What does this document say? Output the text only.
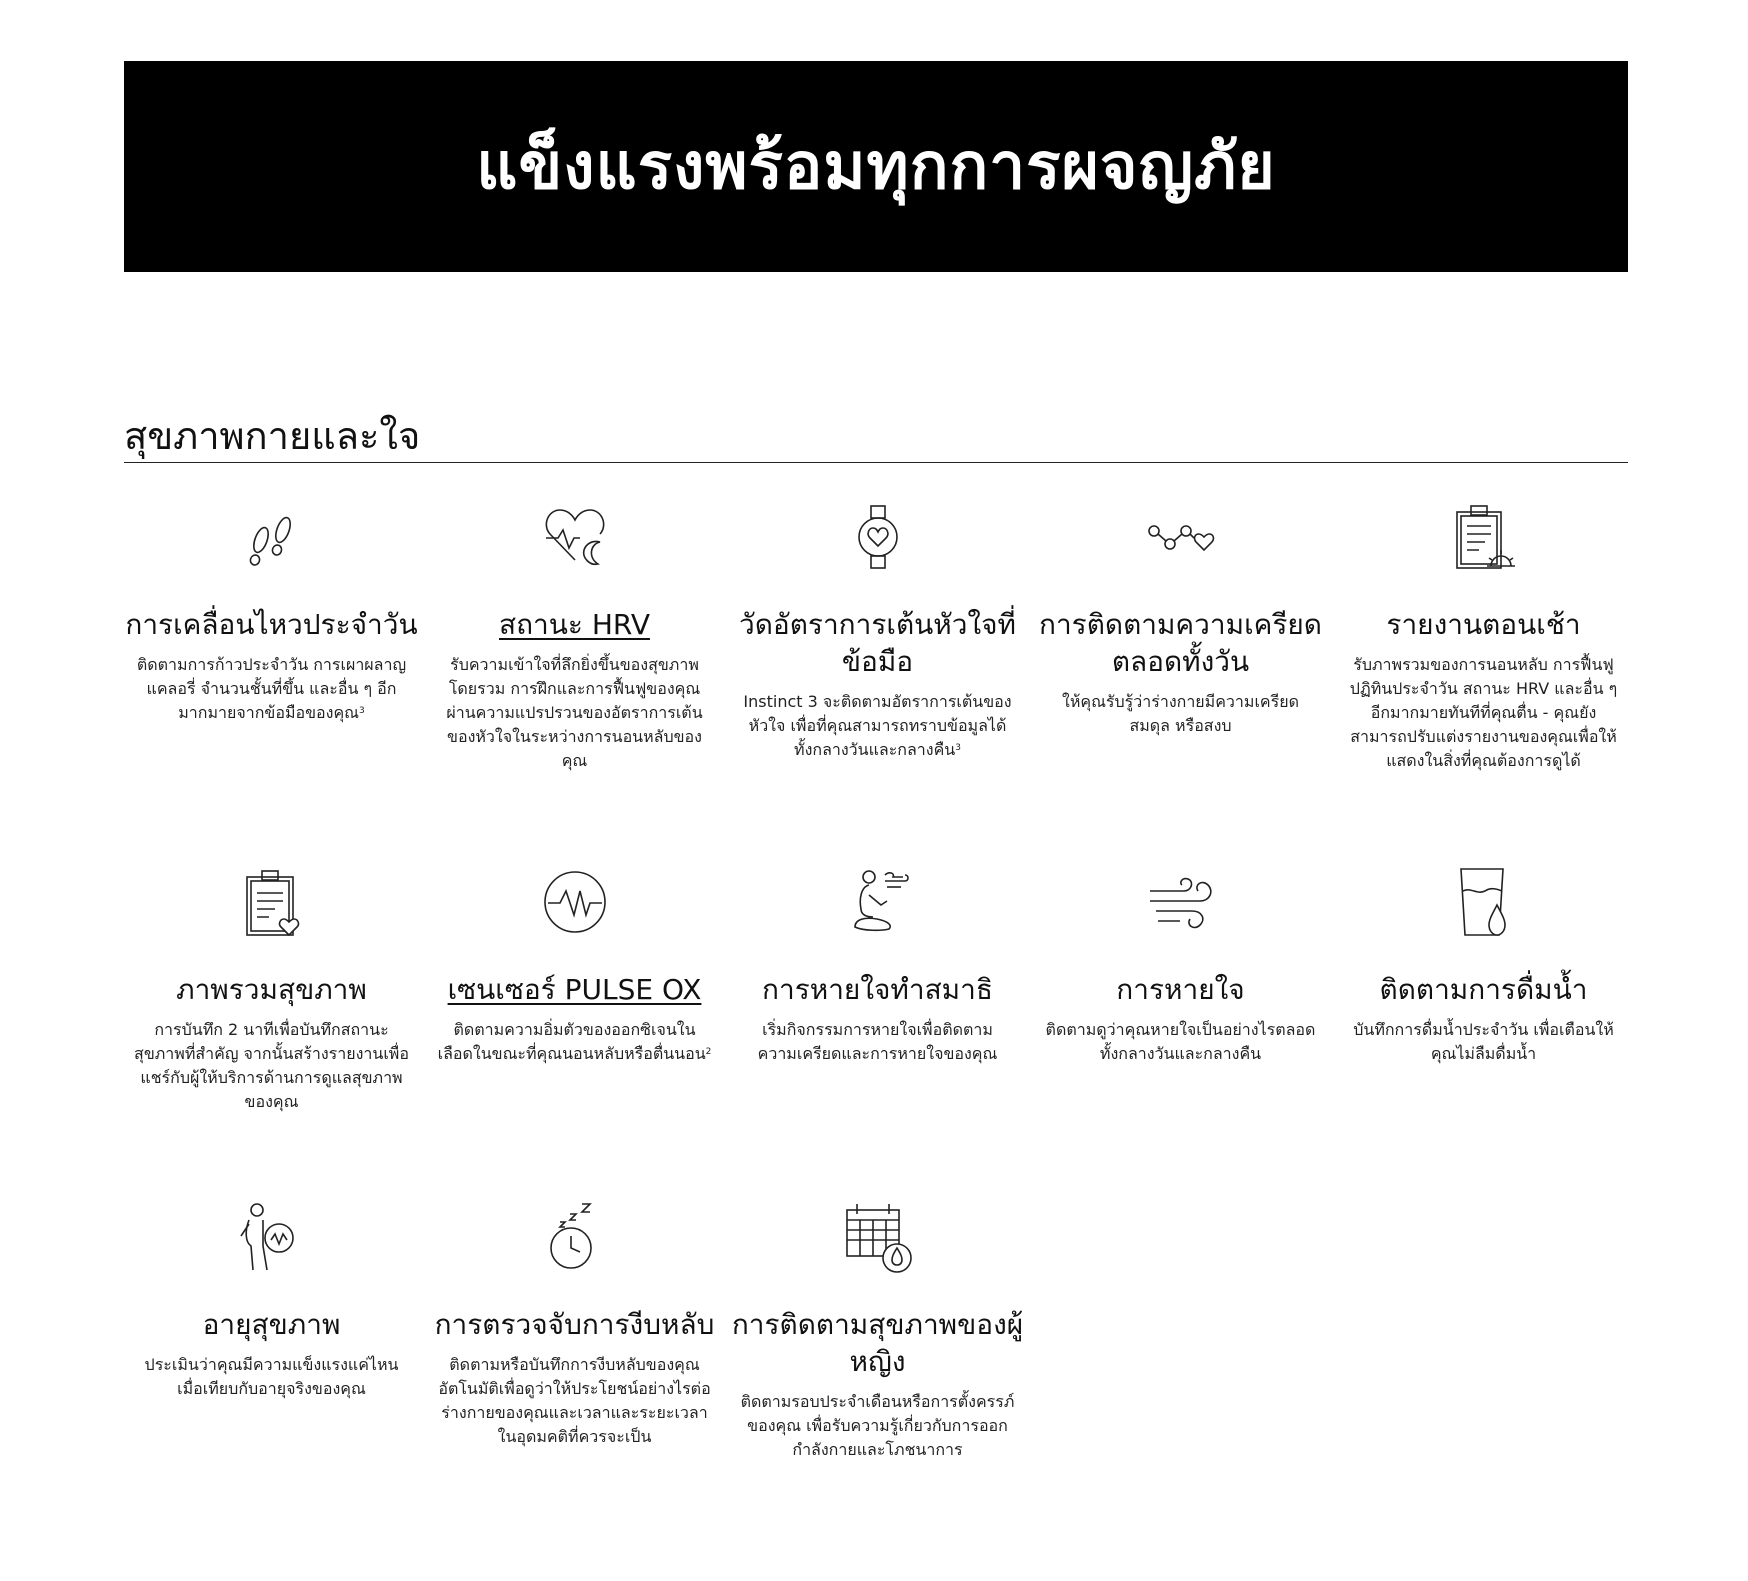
แข็งแรงพร้อมทุกการผจญภัย
สุขภาพกายและใจ
การเคลื่อนไหวประจำวัน

ติดตามการก้าวประจำวัน การเผาผลาญแคลอรี่ จำนวนชั้นที่ขึ้น และอื่น ๆ อีกมากมายจากข้อมือของคุณ$^3$

สถานะ HRV

รับความเข้าใจที่ลึกยิ่งขึ้นของสุขภาพโดยรวม การฝึกและการฟื้นฟูของคุณผ่านความแปรปรวนของอัตราการเต้นของหัวใจในระหว่างการนอนหลับของคุณ

วัดอัตราการเต้นหัวใจที่ข้อมือ

Instinct 3 จะติดตามอัตราการเต้นของหัวใจ เพื่อที่คุณสามารถทราบข้อมูลได้ทั้งกลางวันและกลางคืน$^3$

การติดตามความเครียดตลอดทั้งวัน

ให้คุณรับรู้ว่าร่างกายมีความเครียด สมดุล หรือสงบ

รายงานตอนเช้า

รับภาพรวมของการนอนหลับ การฟื้นฟู ปฏิทินประจำวัน สถานะ HRV และอื่น ๆ อีกมากมายทันทีที่คุณตื่น - คุณยังสามารถปรับแต่งรายงานของคุณเพื่อให้แสดงในสิ่งที่คุณต้องการดูได้

ภาพรวมสุขภาพ

การบันทึก 2 นาทีเพื่อบันทึกสถานะสุขภาพที่สำคัญ จากนั้นสร้างรายงานเพื่อแชร์กับผู้ให้บริการด้านการดูแลสุขภาพของคุณ

เซนเซอร์ PULSE OX

ติดตามความอิ่มตัวของออกซิเจนในเลือดในขณะที่คุณนอนหลับหรือตื่นนอน$^2$

การหายใจทำสมาธิ

เริ่มกิจกรรมการหายใจเพื่อติดตามความเครียดและการหายใจของคุณ

การหายใจ

ติดตามดูว่าคุณหายใจเป็นอย่างไรตลอดทั้งกลางวันและกลางคืน

ติดตามการดื่มน้ำ

บันทึกการดื่มน้ำประจำวัน เพื่อเตือนให้คุณไม่ลืมดื่มน้ำ

อายุสุขภาพ

ประเมินว่าคุณมีความแข็งแรงแค่ไหนเมื่อเทียบกับอายุจริงของคุณ

การตรวจจับการงีบหลับ

ติดตามหรือบันทึกการงีบหลับของคุณอัตโนมัติเพื่อดูว่าให้ประโยชน์อย่างไรต่อร่างกายของคุณและเวลาและระยะเวลาในอุดมคติที่ควรจะเป็น

การติดตามสุขภาพของผู้หญิง

ติดตามรอบประจำเดือนหรือการตั้งครรภ์ของคุณ เพื่อรับความรู้เกี่ยวกับการออกกำลังกายและโภชนาการ
